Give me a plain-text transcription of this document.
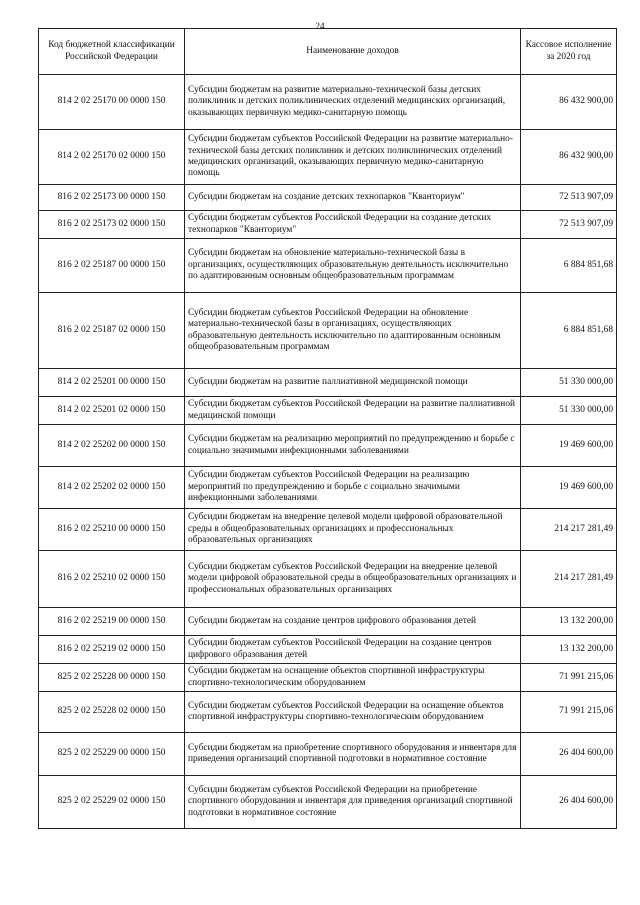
24
Код бюджетной классификации Российской Федерации	Наименование доходов	Кассовое исполнение за 2020 год
814 2 02 25170 00 0000 150	Субсидии бюджетам на развитие материально-технической базы детских поликлиник и детских поликлинических отделений медицинских организаций, оказывающих первичную медико-санитарную помощь	86 432 900,00
814 2 02 25170 02 0000 150	Субсидии бюджетам субъектов Российской Федерации на развитие материально-технической базы детских поликлиник и детских поликлинических отделений медицинских организаций, оказывающих первичную медико-санитарную помощь	86 432 900,00
816 2 02 25173 00 0000 150	Субсидии бюджетам на создание детских технопарков "Кванториум"	72 513 907,09
816 2 02 25173 02 0000 150	Субсидии бюджетам субъектов Российской Федерации на создание детских технопарков "Кванториум"	72 513 907,09
816 2 02 25187 00 0000 150	Субсидии бюджетам на обновление материально-технической базы в организациях, осуществляющих образовательную деятельность исключительно по адаптированным основным общеобразовательным программам	6 884 851,68
816 2 02 25187 02 0000 150	Субсидии бюджетам субъектов Российской Федерации на обновление материально-технической базы в организациях, осуществляющих образовательную деятельность исключительно по адаптированным основным общеобразовательным программам	6 884 851,68
814 2 02 25201 00 0000 150	Субсидии бюджетам на развитие паллиативной медицинской помощи	51 330 000,00
814 2 02 25201 02 0000 150	Субсидии бюджетам субъектов Российской Федерации на развитие паллиативной медицинской помощи	51 330 000,00
814 2 02 25202 00 0000 150	Субсидии бюджетам на реализацию мероприятий по предупреждению и борьбе с социально значимыми инфекционными заболеваниями	19 469 600,00
814 2 02 25202 02 0000 150	Субсидии бюджетам субъектов Российской Федерации на реализацию мероприятий по предупреждению и борьбе с социально значимыми инфекционными заболеваниями	19 469 600,00
816 2 02 25210 00 0000 150	Субсидии бюджетам на внедрение целевой модели цифровой образовательной среды в общеобразовательных организациях и профессиональных образовательных организациях	214 217 281,49
816 2 02 25210 02 0000 150	Субсидии бюджетам субъектов Российской Федерации на внедрение целевой модели цифровой образовательной среды в общеобразовательных организациях и профессиональных образовательных организациях	214 217 281,49
816 2 02 25219 00 0000 150	Субсидии бюджетам на создание центров цифрового образования детей	13 132 200,00
816 2 02 25219 02 0000 150	Субсидии бюджетам субъектов Российской Федерации на создание центров цифрового образования детей	13 132 200,00
825 2 02 25228 00 0000 150	Субсидии бюджетам на оснащение объектов спортивной инфраструктуры спортивно-технологическим оборудованием	71 991 215,06
825 2 02 25228 02 0000 150	Субсидии бюджетам субъектов Российской Федерации на оснащение объектов спортивной инфраструктуры спортивно-технологическим оборудованием	71 991 215,06
825 2 02 25229 00 0000 150	Субсидии бюджетам на приобретение спортивного оборудования и инвентаря для приведения организаций спортивной подготовки в нормативное состояние	26 404 600,00
825 2 02 25229 02 0000 150	Субсидии бюджетам субъектов Российской Федерации на приобретение спортивного оборудования и инвентаря для приведения организаций спортивной подготовки в нормативное состояние	26 404 600,00
